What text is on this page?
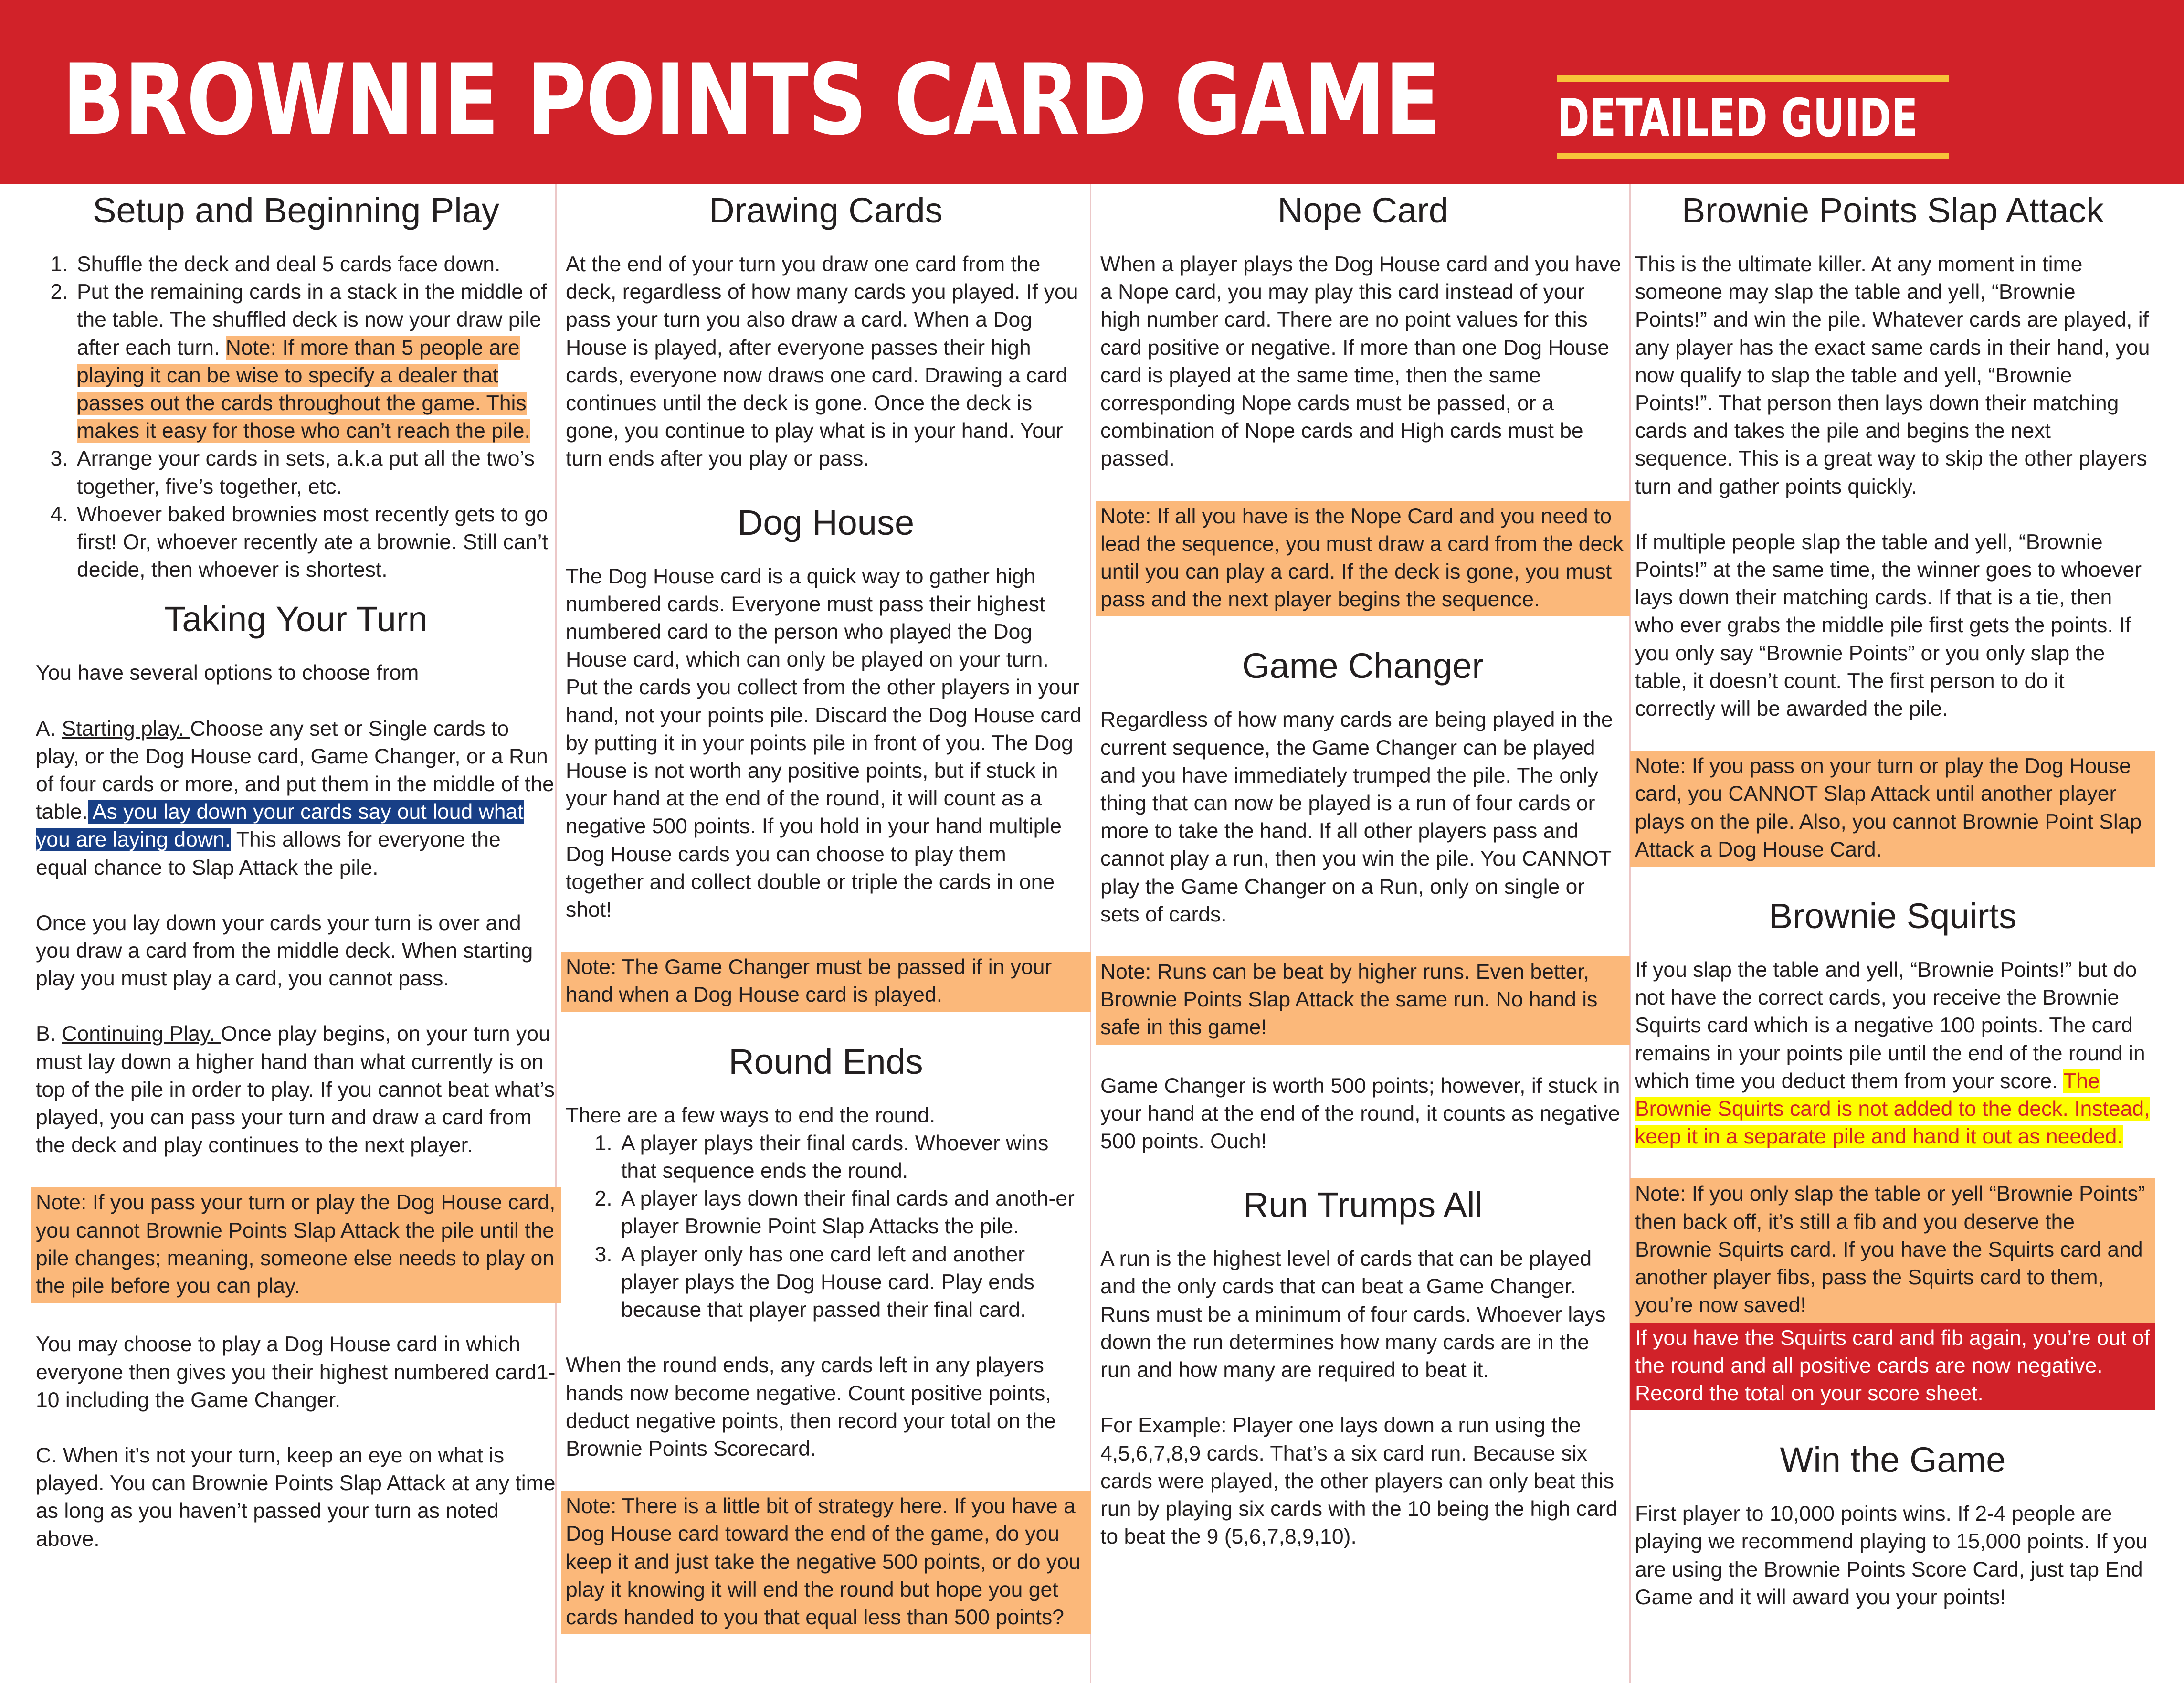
BROWNIE POINTS CARD GAME DETAILED GUIDE
Setup and Beginning Play
1. Shuffle the deck and deal 5 cards face down.
2. Put the remaining cards in a stack in the middle of the table. The shuffled deck is now your draw pile after each turn. Note: If more than 5 people are playing it can be wise to specify a dealer that passes out the cards throughout the game. This makes it easy for those who can’t reach the pile.
3. Arrange your cards in sets, a.k.a put all the two’s together, five’s together, etc.
4. Whoever baked brownies most recently gets to go first! Or, whoever recently ate a brownie. Still can’t decide, then whoever is shortest.
Taking Your Turn

You have several options to choose from

A. Starting play. Choose any set or Single cards to play, or the Dog House card, Game Changer, or a Run of four cards or more, and put them in the middle of the table. As you lay down your cards say out loud what you are laying down. This allows for everyone the equal chance to Slap Attack the pile.

Once you lay down your cards your turn is over and you draw a card from the middle deck. When starting play you must play a card, you cannot pass.

B. Continuing Play. Once play begins, on your turn you must lay down a higher hand than what currently is on top of the pile in order to play. If you cannot beat what’s played, you can pass your turn and draw a card from the deck and play continues to the next player.

Note: If you pass your turn or play the Dog House card, you cannot Brownie Points Slap Attack the pile until the pile changes; meaning, someone else needs to play on the pile before you can play.

You may choose to play a Dog House card in which everyone then gives you their highest numbered card1-10 including the Game Changer.

C. When it’s not your turn, keep an eye on what is played. You can Brownie Points Slap Attack at any time as long as you haven’t passed your turn as noted above.

Drawing Cards

At the end of your turn you draw one card from the deck, regardless of how many cards you played. If you pass your turn you also draw a card. When a Dog House is played, after everyone passes their high cards, everyone now draws one card. Drawing a card continues until the deck is gone. Once the deck is gone, you continue to play what is in your hand. Your turn ends after you play or pass.

Dog House

The Dog House card is a quick way to gather high numbered cards. Everyone must pass their highest numbered card to the person who played the Dog House card, which can only be played on your turn. Put the cards you collect from the other players in your hand, not your points pile. Discard the Dog House card by putting it in your points pile in front of you. The Dog House is not worth any positive points, but if stuck in your hand at the end of the round, it will count as a negative 500 points. If you hold in your hand multiple Dog House cards you can choose to play them together and collect double or triple the cards in one shot!

Note: The Game Changer must be passed if in your hand when a Dog House card is played.
Round Ends

There are a few ways to end the round.

1. A player plays their final cards. Whoever wins that sequence ends the round.
2. A player lays down their final cards and anoth-er player Brownie Point Slap Attacks the pile.
3. A player only has one card left and another player plays the Dog House card. Play ends because that player passed their final card.

When the round ends, any cards left in any players hands now become negative. Count positive points, deduct negative points, then record your total on the Brownie Points Scorecard.

Note: There is a little bit of strategy here. If you have a Dog House card toward the end of the game, do you keep it and just take the negative 500 points, or do you play it knowing it will end the round but hope you get cards handed to you that equal less than 500 points?
Nope Card

When a player plays the Dog House card and you have a Nope card, you may play this card instead of your high number card. There are no point values for this card positive or negative. If more than one Dog House card is played at the same time, then the same corresponding Nope cards must be passed, or a combination of Nope cards and High cards must be passed.

Note: If all you have is the Nope Card and you need to lead the sequence, you must draw a card from the deck until you can play a card. If the deck is gone, you must pass and the next player begins the sequence.
Game Changer

Regardless of how many cards are being played in the current sequence, the Game Changer can be played and you have immediately trumped the pile. The only thing that can now be played is a run of four cards or more to take the hand. If all other players pass and cannot play a run, then you win the pile. You CANNOT play the Game Changer on a Run, only on single or sets of cards.

Note: Runs can be beat by higher runs. Even better, Brownie Points Slap Attack the same run. No hand is safe in this game!

Game Changer is worth 500 points; however, if stuck in your hand at the end of the round, it counts as negative 500 points. Ouch!

Run Trumps All

A run is the highest level of cards that can be played and the only cards that can beat a Game Changer. Runs must be a minimum of four cards. Whoever lays down the run determines how many cards are in the run and how many are required to beat it.

For Example: Player one lays down a run using the 4,5,6,7,8,9 cards. That’s a six card run. Because six cards were played, the other players can only beat this run by playing six cards with the 10 being the high card to beat the 9 (5,6,7,8,9,10).

Brownie Points Slap Attack

This is the ultimate killer. At any moment in time someone may slap the table and yell, “Brownie Points!” and win the pile. Whatever cards are played, if any player has the exact same cards in their hand, you now qualify to slap the table and yell, “Brownie Points!”. That person then lays down their matching cards and takes the pile and begins the next sequence. This is a great way to skip the other players turn and gather points quickly.

If multiple people slap the table and yell, “Brownie Points!” at the same time, the winner goes to whoever lays down their matching cards. If that is a tie, then who ever grabs the middle pile first gets the points. If you only say “Brownie Points” or you only slap the table, it doesn’t count. The first person to do it correctly will be awarded the pile.

Note: If you pass on your turn or play the Dog House card, you CANNOT Slap Attack until another player plays on the pile. Also, you cannot Brownie Point Slap Attack a Dog House Card.
Brownie Squirts

If you slap the table and yell, “Brownie Points!” but do not have the correct cards, you receive the Brownie Squirts card which is a negative 100 points. The card remains in your points pile until the end of the round in which time you deduct them from your score. The Brownie Squirts card is not added to the deck. Instead, keep it in a separate pile and hand it out as needed.

Note: If you only slap the table or yell “Brownie Points” then back off, it’s still a fib and you deserve the Brownie Squirts card. If you have the Squirts card and another player fibs, pass the Squirts card to them, you’re now saved!
If you have the Squirts card and fib again, you’re out of the round and all positive cards are now negative. Record the total on your score sheet.
Win the Game

First player to 10,000 points wins. If 2-4 people are playing we recommend playing to 15,000 points. If you are using the Brownie Points Score Card, just tap End Game and it will award you your points!
